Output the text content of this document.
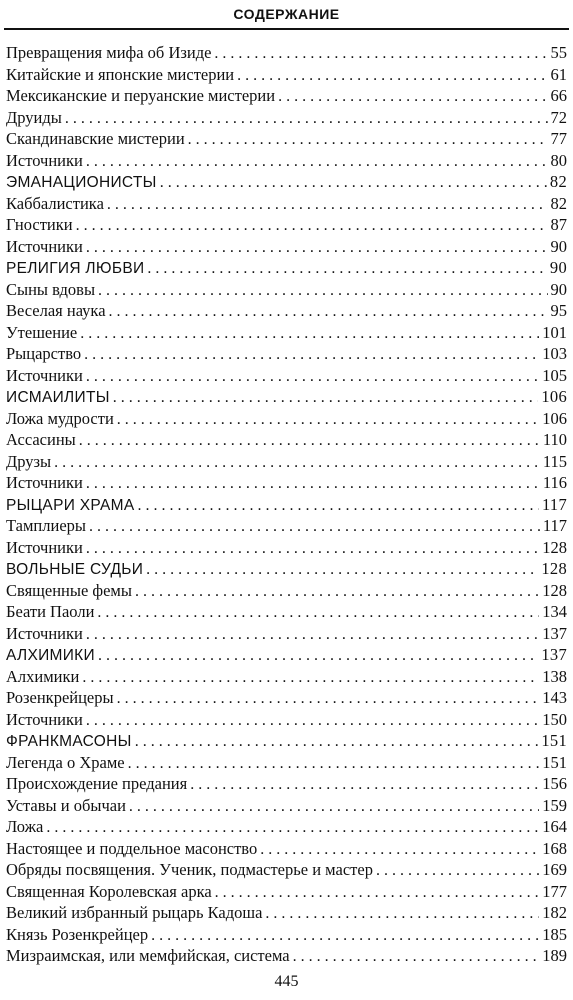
СОДЕРЖАНИЕ
Превращения мифа об Изиде . . .	55
Китайские и японские мистерии . . .	61
Мексиканские и перуанские мистерии . . .	66
Друиды . . .	72
Скандинавские мистерии . . .	77
Источники . . .	80
ЭМАНАЦИОНИСТЫ . . .	82
Каббалистика . . .	82
Гностики . . .	87
Источники . . .	90
РЕЛИГИЯ ЛЮБВИ . . .	90
Сыны вдовы . . .	90
Веселая наука . . .	95
Утешение . . .	101
Рыцарство . . .	103
Источники . . .	105
ИСМАИЛИТЫ . . .	106
Ложа мудрости . . .	106
Ассасины . . .	110
Друзы . . .	115
Источники . . .	116
РЫЦАРИ ХРАМА . . .	117
Тамплиеры . . .	117
Источники . . .	128
ВОЛЬНЫЕ СУДЬИ . . .	128
Священные фемы . . .	128
Беати Паоли . . .	134
Источники . . .	137
АЛХИМИКИ . . .	137
Алхимики . . .	138
Розенкрейцеры . . .	143
Источники . . .	150
ФРАНКМАСОНЫ . . .	151
Легенда о Храме . . .	151
Происхождение предания . . .	156
Уставы и обычаи . . .	159
Ложа . . .	164
Настоящее и поддельное масонство . . .	168
Обряды посвящения. Ученик, подмастерье и мастер . . .	169
Священная Королевская арка . . .	177
Великий избранный рыцарь Кадоша . . .	182
Князь Розенкрейцер . . .	185
Мизраимская, или мемфийская, система . . .	189
445
